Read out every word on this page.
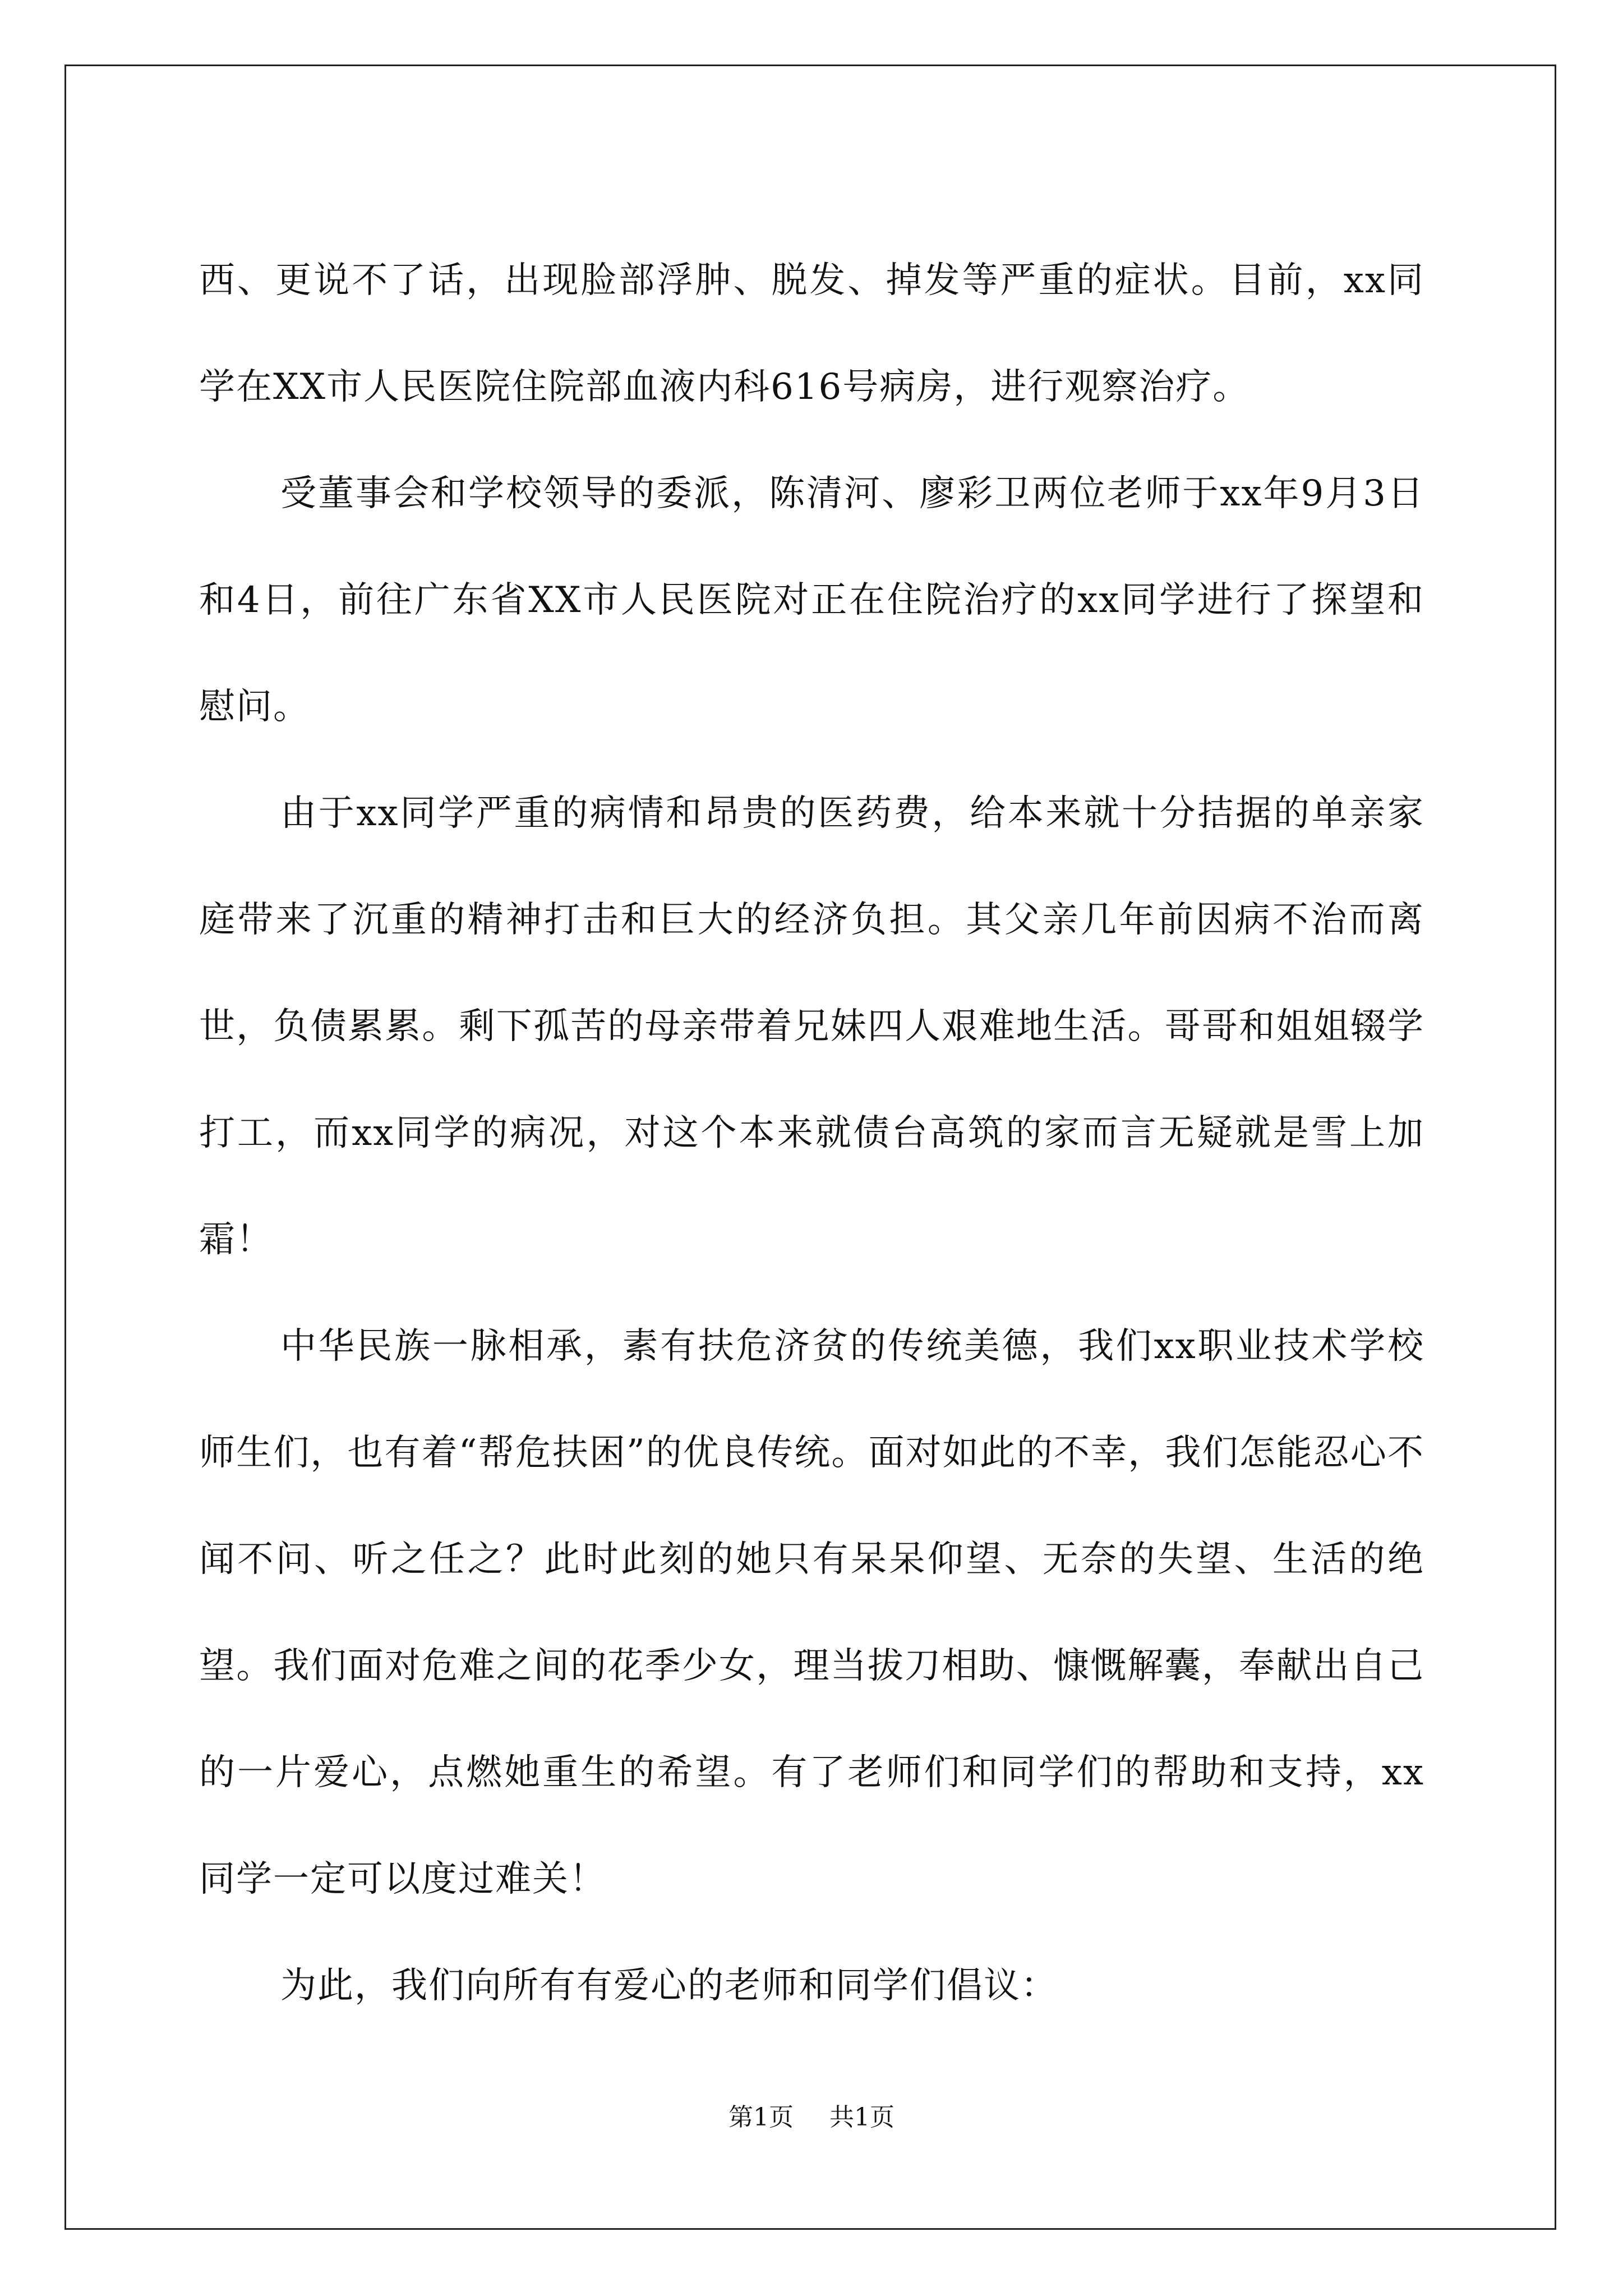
西、更说不了话，出现脸部浮肿、脱发、掉发等严重的症状。目前，xx同学在XX市人民医院住院部血液内科616号病房，进行观察治疗。

受董事会和学校领导的委派，陈清河、廖彩卫两位老师于xx年9月3日和4日，前往广东省XX市人民医院对正在住院治疗的xx同学进行了探望和慰问。

由于xx同学严重的病情和昂贵的医药费，给本来就十分拮据的单亲家庭带来了沉重的精神打击和巨大的经济负担。其父亲几年前因病不治而离世，负债累累。剩下孤苦的母亲带着兄妹四人艰难地生活。哥哥和姐姐辍学打工，而xx同学的病况，对这个本来就债台高筑的家而言无疑就是雪上加霜！

中华民族一脉相承，素有扶危济贫的传统美德，我们xx职业技术学校师生们，也有着“帮危扶困”的优良传统。面对如此的不幸，我们怎能忍心不闻不问、听之任之？此时此刻的她只有呆呆仰望、无奈的失望、生活的绝望。我们面对危难之间的花季少女，理当拔刀相助、慷慨解囊，奉献出自己的一片爱心，点燃她重生的希望。有了老师们和同学们的帮助和支持，xx同学一定可以度过难关！

为此，我们向所有有爱心的老师和同学们倡议：

第1页 共1页
